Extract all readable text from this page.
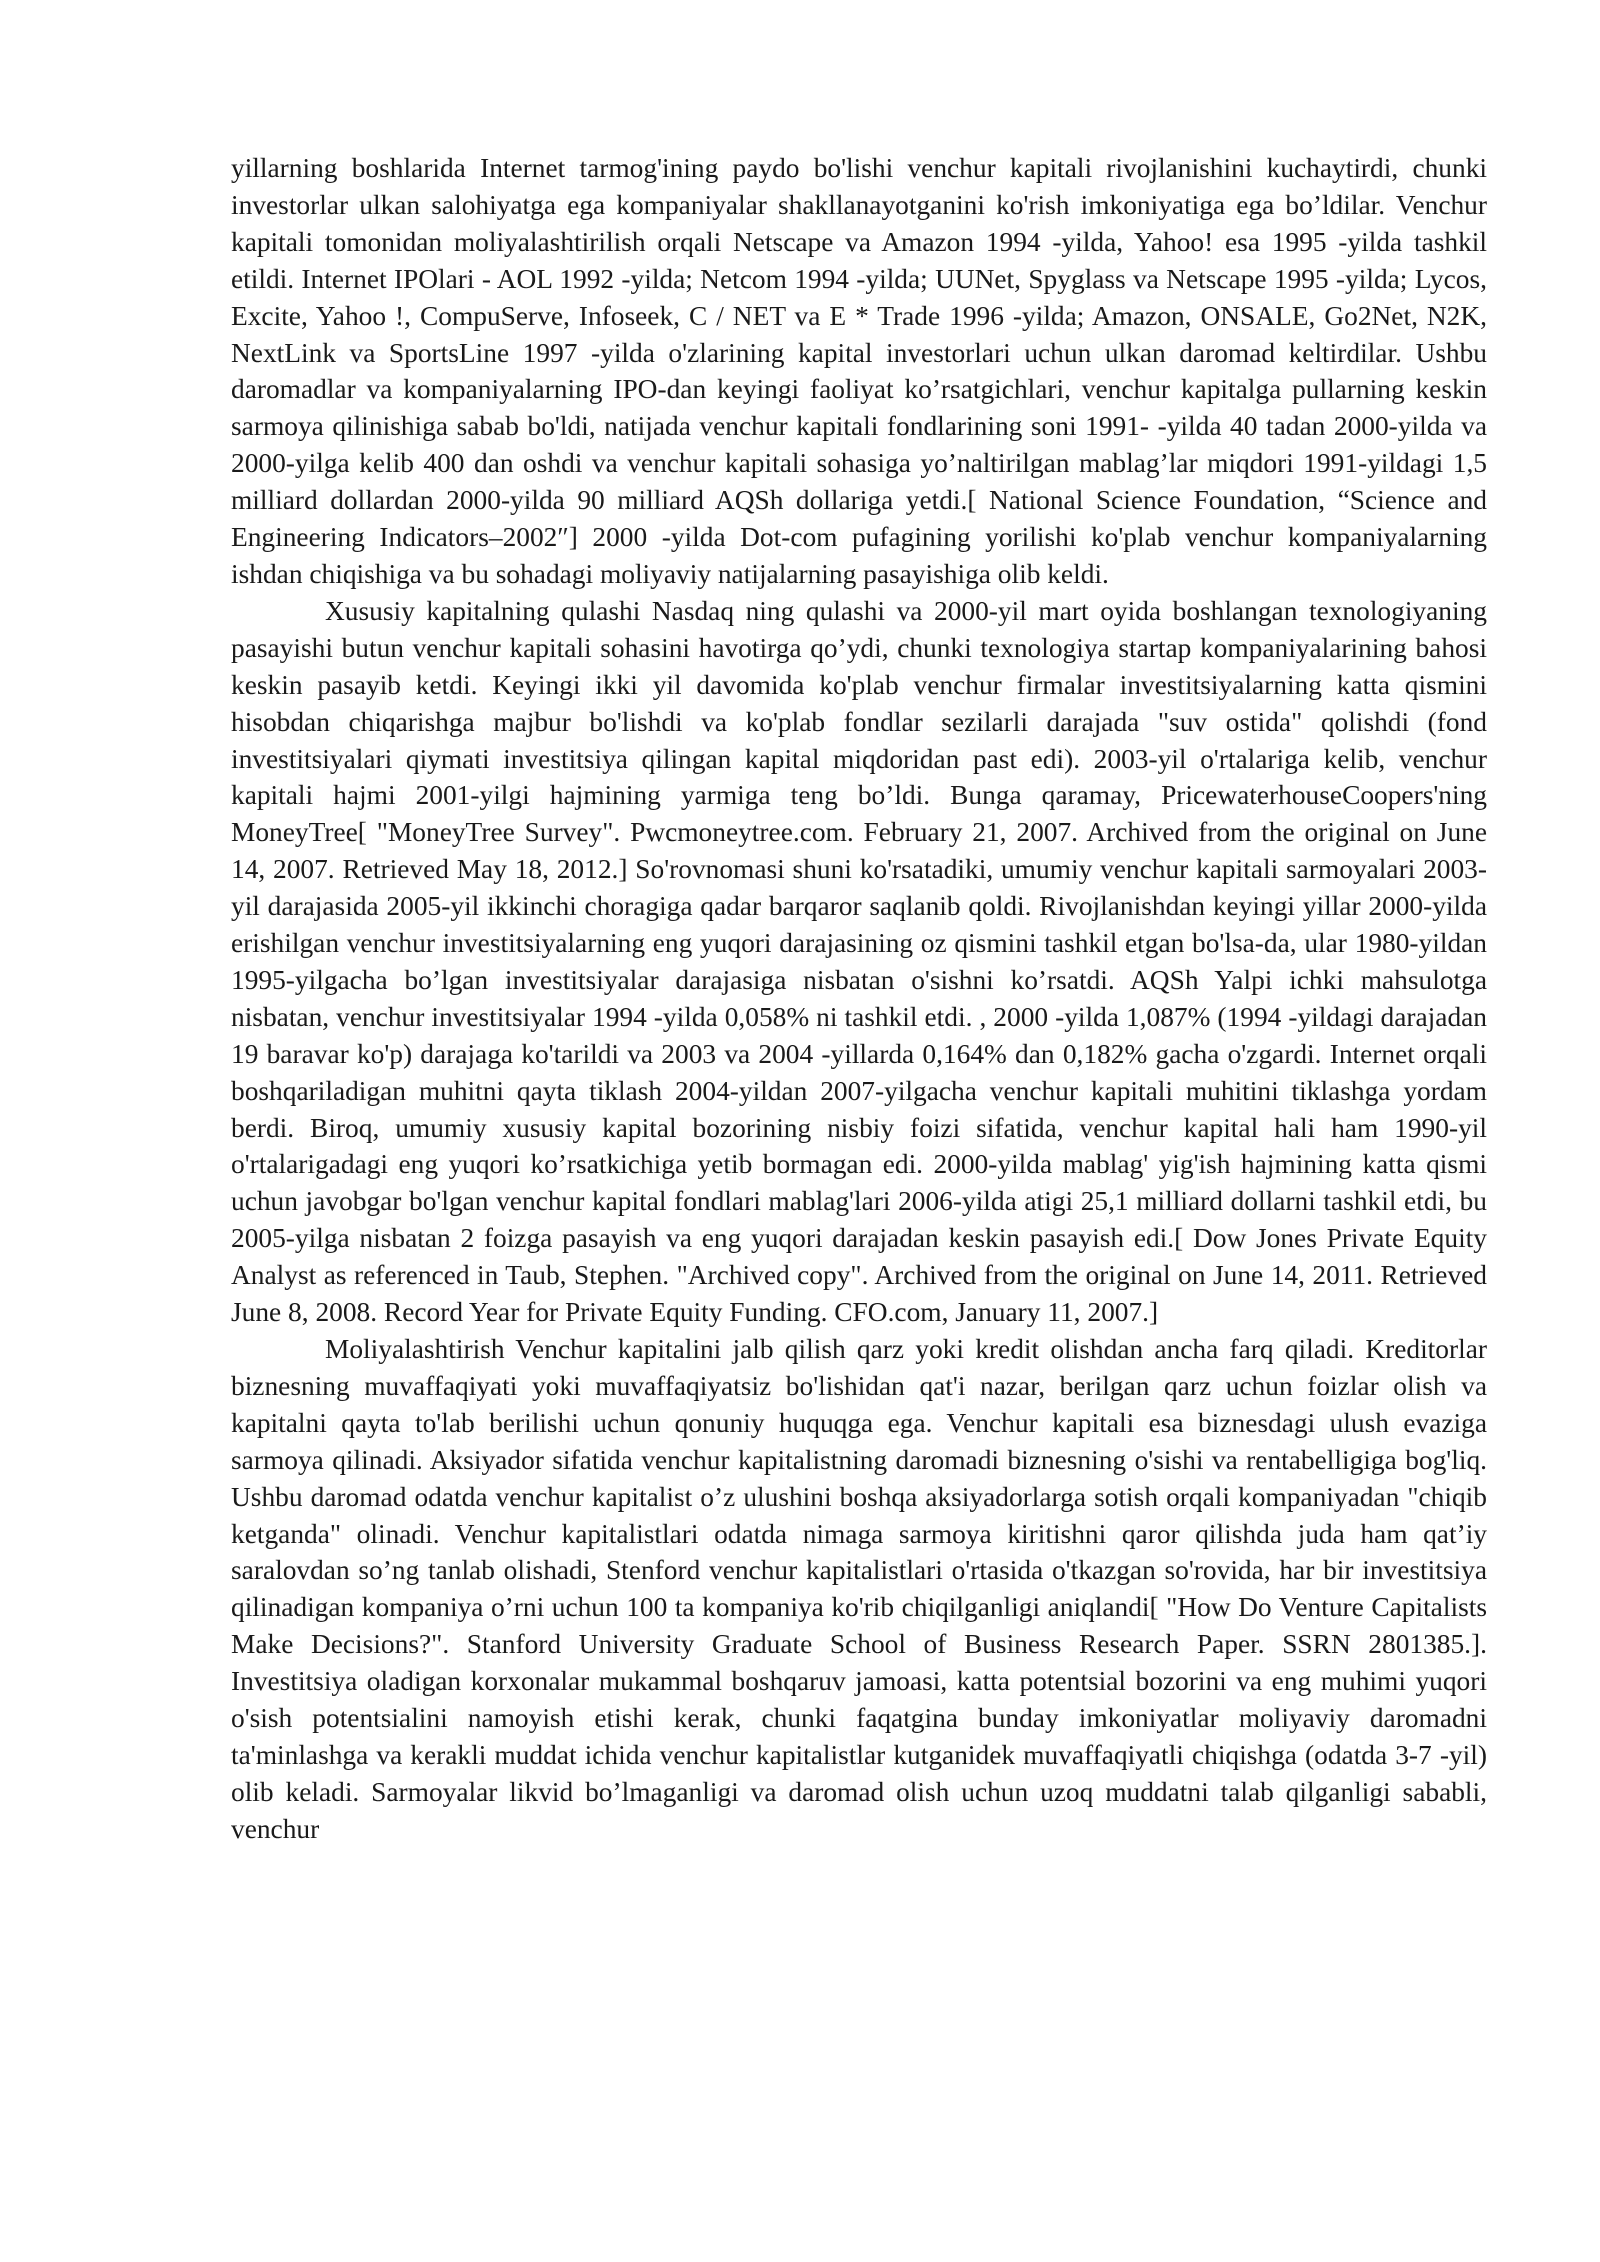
yillarning boshlarida Internet tarmog'ining paydo bo'lishi venchur kapitali rivojlanishini kuchaytirdi, chunki investorlar ulkan salohiyatga ega kompaniyalar shakllanayotganini ko'rish imkoniyatiga ega bo’ldilar. Venchur kapitali tomonidan moliyalashtirilish orqali Netscape va Amazon 1994 -yilda, Yahoo! esa 1995 -yilda tashkil etildi. Internet IPOlari - AOL 1992 -yilda; Netcom 1994 -yilda; UUNet, Spyglass va Netscape 1995 -yilda; Lycos, Excite, Yahoo !, CompuServe, Infoseek, C / NET va E * Trade 1996 -yilda; Amazon, ONSALE, Go2Net, N2K, NextLink va SportsLine 1997 -yilda o'zlarining kapital investorlari uchun ulkan daromad keltirdilar. Ushbu daromadlar va kompaniyalarning IPO-dan keyingi faoliyat ko’rsatgichlari, venchur kapitalga pullarning keskin sarmoya qilinishiga sabab bo'ldi, natijada venchur kapitali fondlarining soni 1991- -yilda 40 tadan 2000-yilda va 2000-yilga kelib 400 dan oshdi va venchur kapitali sohasiga yo’naltirilgan mablag’lar miqdori 1991-yildagi 1,5 milliard dollardan 2000-yilda 90 milliard AQSh dollariga yetdi.[ National Science Foundation, “Science and Engineering Indicators–2002″] 2000 -yilda Dot-com pufagining yorilishi ko'plab venchur kompaniyalarning ishdan chiqishiga va bu sohadagi moliyaviy natijalarning pasayishiga olib keldi.

Xususiy kapitalning qulashi Nasdaq ning qulashi va 2000-yil mart oyida boshlangan texnologiyaning pasayishi butun venchur kapitali sohasini havotirga qo’ydi, chunki texnologiya startap kompaniyalarining bahosi keskin pasayib ketdi. Keyingi ikki yil davomida ko'plab venchur firmalar investitsiyalarning katta qismini hisobdan chiqarishga majbur bo'lishdi va ko'plab fondlar sezilarli darajada "suv ostida" qolishdi (fond investitsiyalari qiymati investitsiya qilingan kapital miqdoridan past edi). 2003-yil o'rtalariga kelib, venchur kapitali hajmi 2001-yilgi hajmining yarmiga teng bo’ldi. Bunga qaramay, PricewaterhouseCoopers'ning MoneyTree[ "MoneyTree Survey". Pwcmoneytree.com. February 21, 2007. Archived from the original on June 14, 2007. Retrieved May 18, 2012.] So'rovnomasi shuni ko'rsatadiki, umumiy venchur kapitali sarmoyalari 2003-yil darajasida 2005-yil ikkinchi choragigа qadar barqaror saqlanib qoldi. Rivojlanishdan keyingi yillar 2000-yilda erishilgan venchur investitsiyalarning eng yuqori darajasining oz qismini tashkil etgan bo'lsa-da, ular 1980-yildan 1995-yilgacha bo’lgan investitsiyalar darajasiga nisbatan o'sishni ko’rsatdi. AQSh Yalpi ichki mahsulotga nisbatan, venchur investitsiyalar 1994 -yilda 0,058% ni tashkil etdi. , 2000 -yilda 1,087% (1994 -yildagi darajadan 19 baravar ko'p) darajaga ko'tarildi va 2003 va 2004 -yillarda 0,164% dan 0,182% gacha o'zgardi. Internet orqali boshqariladigan muhitni qayta tiklash 2004-yildan 2007-yilgacha venchur kapitali muhitini tiklashga yordam berdi. Biroq, umumiy xususiy kapital bozorining nisbiy foizi sifatida, venchur kapital hali ham 1990-yil o'rtalarigadagi eng yuqori ko’rsatkichiga yetib bormagan edi. 2000-yilda mablag' yig'ish hajmining katta qismi uchun javobgar bo'lgan venchur kapital fondlari mablag'lari 2006-yilda atigi 25,1 milliard dollarni tashkil etdi, bu 2005-yilga nisbatan 2 foizga pasayish va eng yuqori darajadan keskin pasayish edi.[ Dow Jones Private Equity Analyst as referenced in Taub, Stephen. "Archived copy". Archived from the original on June 14, 2011. Retrieved June 8, 2008. Record Year for Private Equity Funding. CFO.com, January 11, 2007.]

Moliyalashtirish Venchur kapitalini jalb qilish qarz yoki kredit olishdan ancha farq qiladi. Kreditorlar biznesning muvaffaqiyati yoki muvaffaqiyatsiz bo'lishidan qat'i nazar, berilgan qarz uchun foizlar olish va kapitalni qayta to'lab berilishi uchun qonuniy huquqga ega. Venchur kapitali esa biznesdagi ulush evaziga sarmoya qilinadi. Aksiyador sifatida venchur kapitalistning daromadi biznesning o'sishi va rentabelligiga bog'liq. Ushbu daromad odatda venchur kapitalist o’z ulushini boshqa aksiyadorlarga sotish orqali kompaniyadan "chiqib ketganda" olinadi. Venchur kapitalistlari odatda nimaga sarmoya kiritishni qaror qilishda juda ham qat’iy saralovdan so’ng tanlab olishadi, Stenford venchur kapitalistlari o'rtasida o'tkazgan so'rovida, har bir investitsiya qilinadigan kompaniya o’rni uchun 100 ta kompaniya ko'rib chiqilganligi aniqlandi[ "How Do Venture Capitalists Make Decisions?". Stanford University Graduate School of Business Research Paper. SSRN 2801385.]. Investitsiya oladigan korxonalar mukammal boshqaruv jamoasi, katta potentsial bozorini va eng muhimi yuqori o'sish potentsialini namoyish etishi kerak, chunki faqatgina bunday imkoniyatlar moliyaviy daromadni ta'minlashga va kerakli muddat ichida venchur kapitalistlar kutganidek muvaffaqiyatli chiqishga (odatda 3-7 -yil) olib keladi. Sarmoyalar likvid bo’lmaganligi va daromad olish uchun uzoq muddatni talab qilganligi sababli, venchur
